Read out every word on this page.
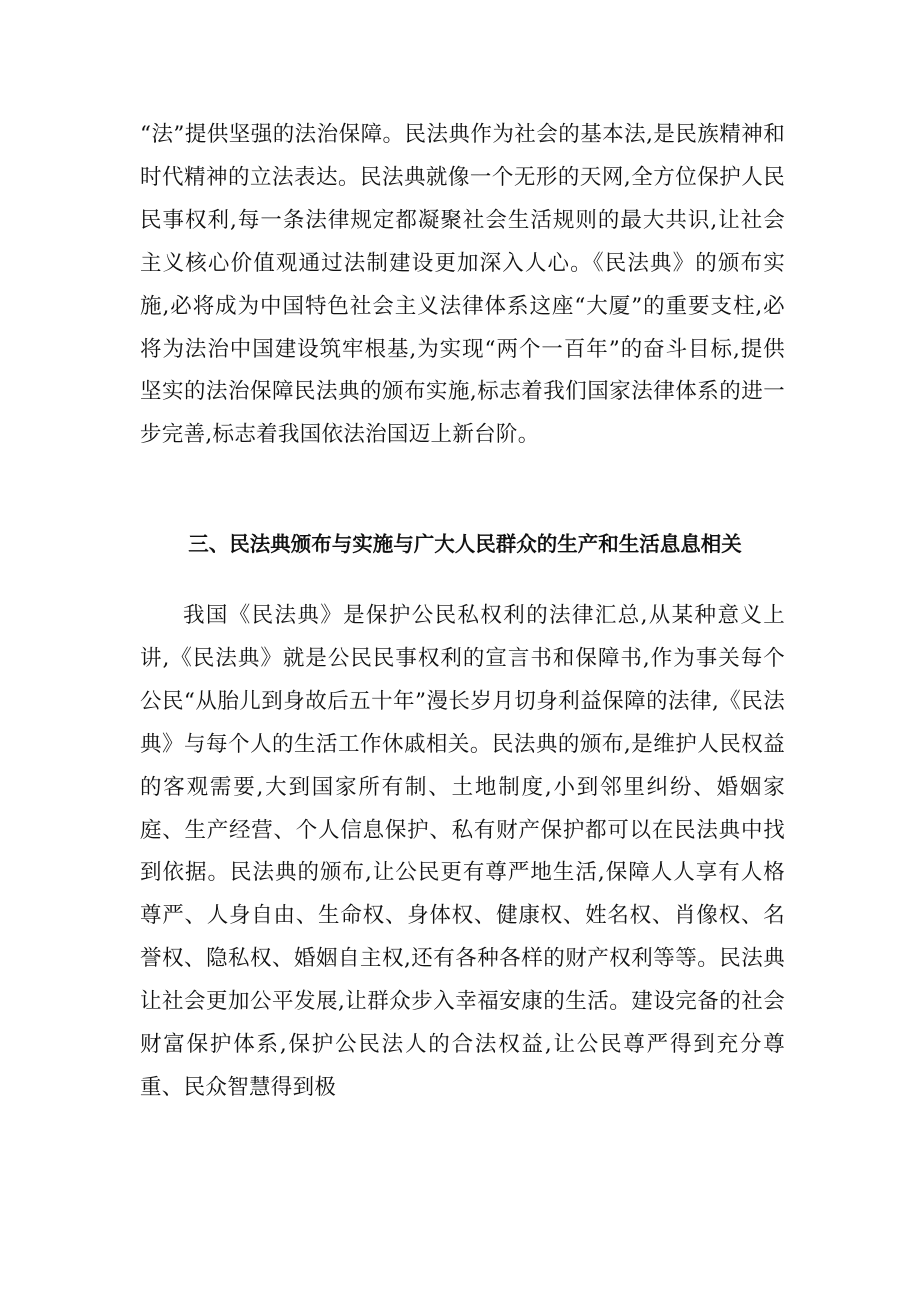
“法”提供坚强的法治保障。民法典作为社会的基本法,是民族精神和时代精神的立法表达。民法典就像一个无形的天网,全方位保护人民民事权利,每一条法律规定都凝聚社会生活规则的最大共识,让社会主义核心价值观通过法制建设更加深入人心。《民法典》的颁布实施,必将成为中国特色社会主义法律体系这座“大厦”的重要支柱,必将为法治中国建设筑牢根基,为实现“两个一百年”的奋斗目标,提供坚实的法治保障民法典的颁布实施,标志着我们国家法律体系的进一步完善,标志着我国依法治国迈上新台阶。

三、民法典颁布与实施与广大人民群众的生产和生活息息相关

我国《民法典》是保护公民私权利的法律汇总,从某种意义上讲,《民法典》就是公民民事权利的宣言书和保障书,作为事关每个公民“从胎儿到身故后五十年”漫长岁月切身利益保障的法律,《民法典》与每个人的生活工作休戚相关。民法典的颁布,是维护人民权益的客观需要,大到国家所有制、土地制度,小到邻里纠纷、婚姻家庭、生产经营、个人信息保护、私有财产保护都可以在民法典中找到依据。民法典的颁布,让公民更有尊严地生活,保障人人享有人格尊严、人身自由、生命权、身体权、健康权、姓名权、肖像权、名誉权、隐私权、婚姻自主权,还有各种各样的财产权利等等。民法典让社会更加公平发展,让群众步入幸福安康的生活。建设完备的社会财富保护体系,保护公民法人的合法权益,让公民尊严得到充分尊重、民众智慧得到极
